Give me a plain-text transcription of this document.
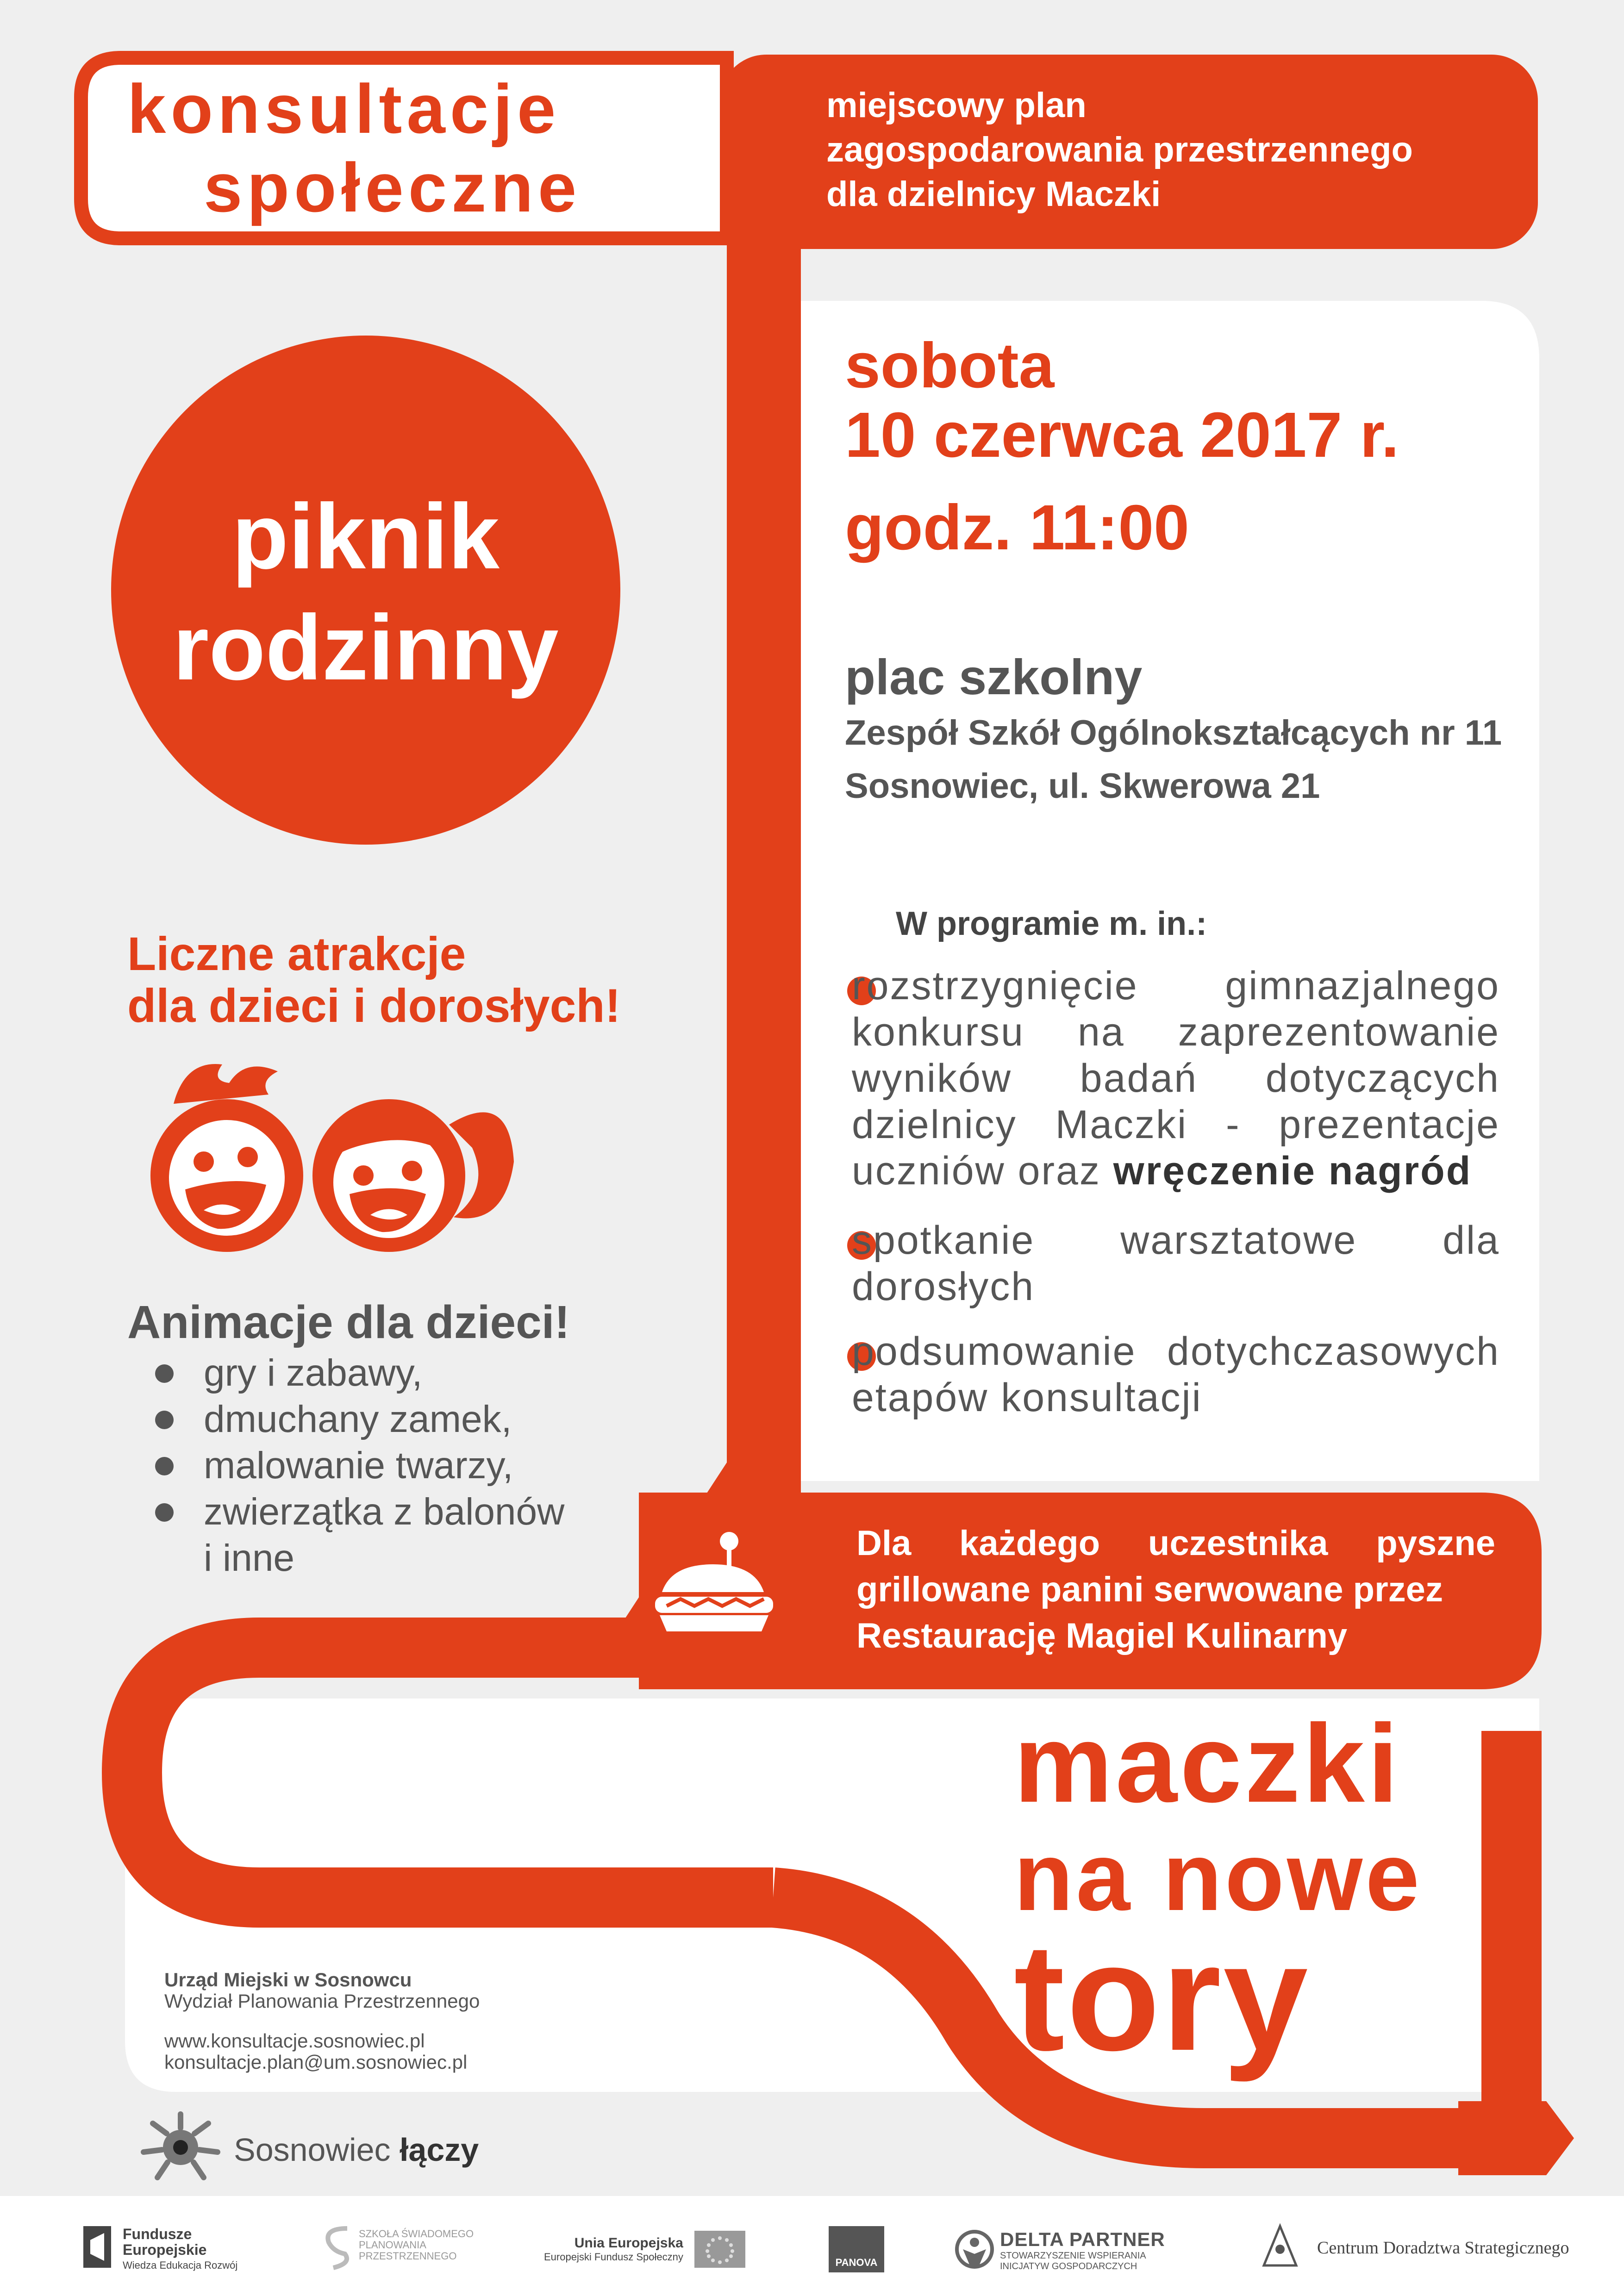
konsultacje
społeczne
miejscowy plan
zagospodarowania przestrzennego
dla dzielnicy Maczki
piknik
rodzinny
sobota
10 czerwca 2017 r.
godz. 11:00
plac szkolny
Zespół Szkół Ogólnokształcących nr 11
Sosnowiec, ul. Skwerowa 21
W programie m. in.:
rozstrzygnięcie gimnazjalnego konkursu na zaprezentowanie wyników badań dotyczących dzielnicy Maczki - prezentacje uczniów oraz wręczenie nagród
spotkanie warsztatowe dla dorosłych
podsumowanie dotychczasowych etapów konsultacji
Liczne atrakcje
dla dzieci i dorosłych!
Animacje dla dzieci!
gry i zabawy,
dmuchany zamek,
malowanie twarzy,
zwierzątka z balonów
i inne	Dla każdego uczestnika pyszne
grillowane panini serwowane przez
Restaurację Magiel Kulinarny
maczki
na nowe
tory
Urząd Miejski w Sosnowcu
Wydział Planowania Przestrzennego
www.konsultacje.sosnowiec.pl
konsultacje.plan@um.sosnowiec.pl
Sosnowiec łączy
Fundusze
Europejskie
Wiedza Edukacja Rozwój
SZKOŁA ŚWIADOMEGO
PLANOWANIA
PRZESTRZENNEGO
Unia Europejska
Europejski Fundusz Społeczny	PANOVA
DELTA PARTNER
STOWARZYSZENIE WSPIERANIA
INICJATYW GOSPODARCZYCH
Centrum Doradztwa Strategicznego
